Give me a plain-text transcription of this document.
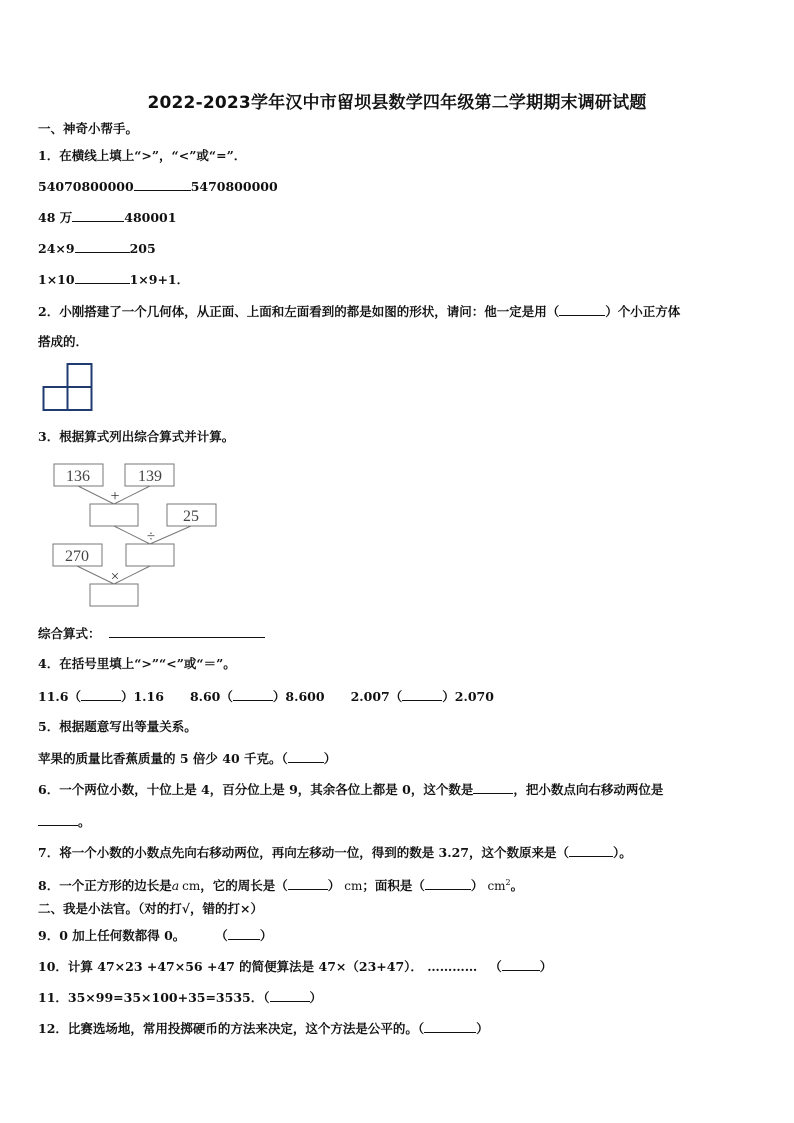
2022-2023学年汉中市留坝县数学四年级第二学期期末调研试题
一、神奇小帮手。
1．在横线上填上“>”，“<”或“=”．
54070800000	5470800000
48 万	480001
24×9	205
1×10	1×9+1．
2．小刚搭建了一个几何体，从正面、上面和左面看到的都是如图的形状，请问：他一定是用（	）个小正方体
搭成的．
3．根据算式列出综合算式并计算。
136	139
25
270
+
÷
×
综合算式：
4．在括号里填上“>”“<”或“＝”。
11.6（	）1.16 8.60（	）8.600 2.007（	）2.070
5．根据题意写出等量关系。
苹果的质量比香蕉质量的 5 倍少 40 千克。（	）
6．一个两位小数，十位上是 4，百分位上是 9，其余各位上都是 0，这个数是	，把小数点向右移动两位是
。
7．将一个小数的小数点先向右移动两位，再向左移动一位，得到的数是 3.27，这个数原来是（	）。
8．一个正方形的边长是a cm，它的周长是（	） cm；面积是（	） $cm^2$。
二、我是小法官。（对的打√，错的打×）
9．0 加上任何数都得 0。 （	）
10．计算 47×23 +47×56 +47 的简便算法是 47×（23+47）． ………… （	）
11．35×99=35×100+35=3535．（	）
12．比赛选场地，常用投掷硬币的方法来决定，这个方法是公平的。（	）
